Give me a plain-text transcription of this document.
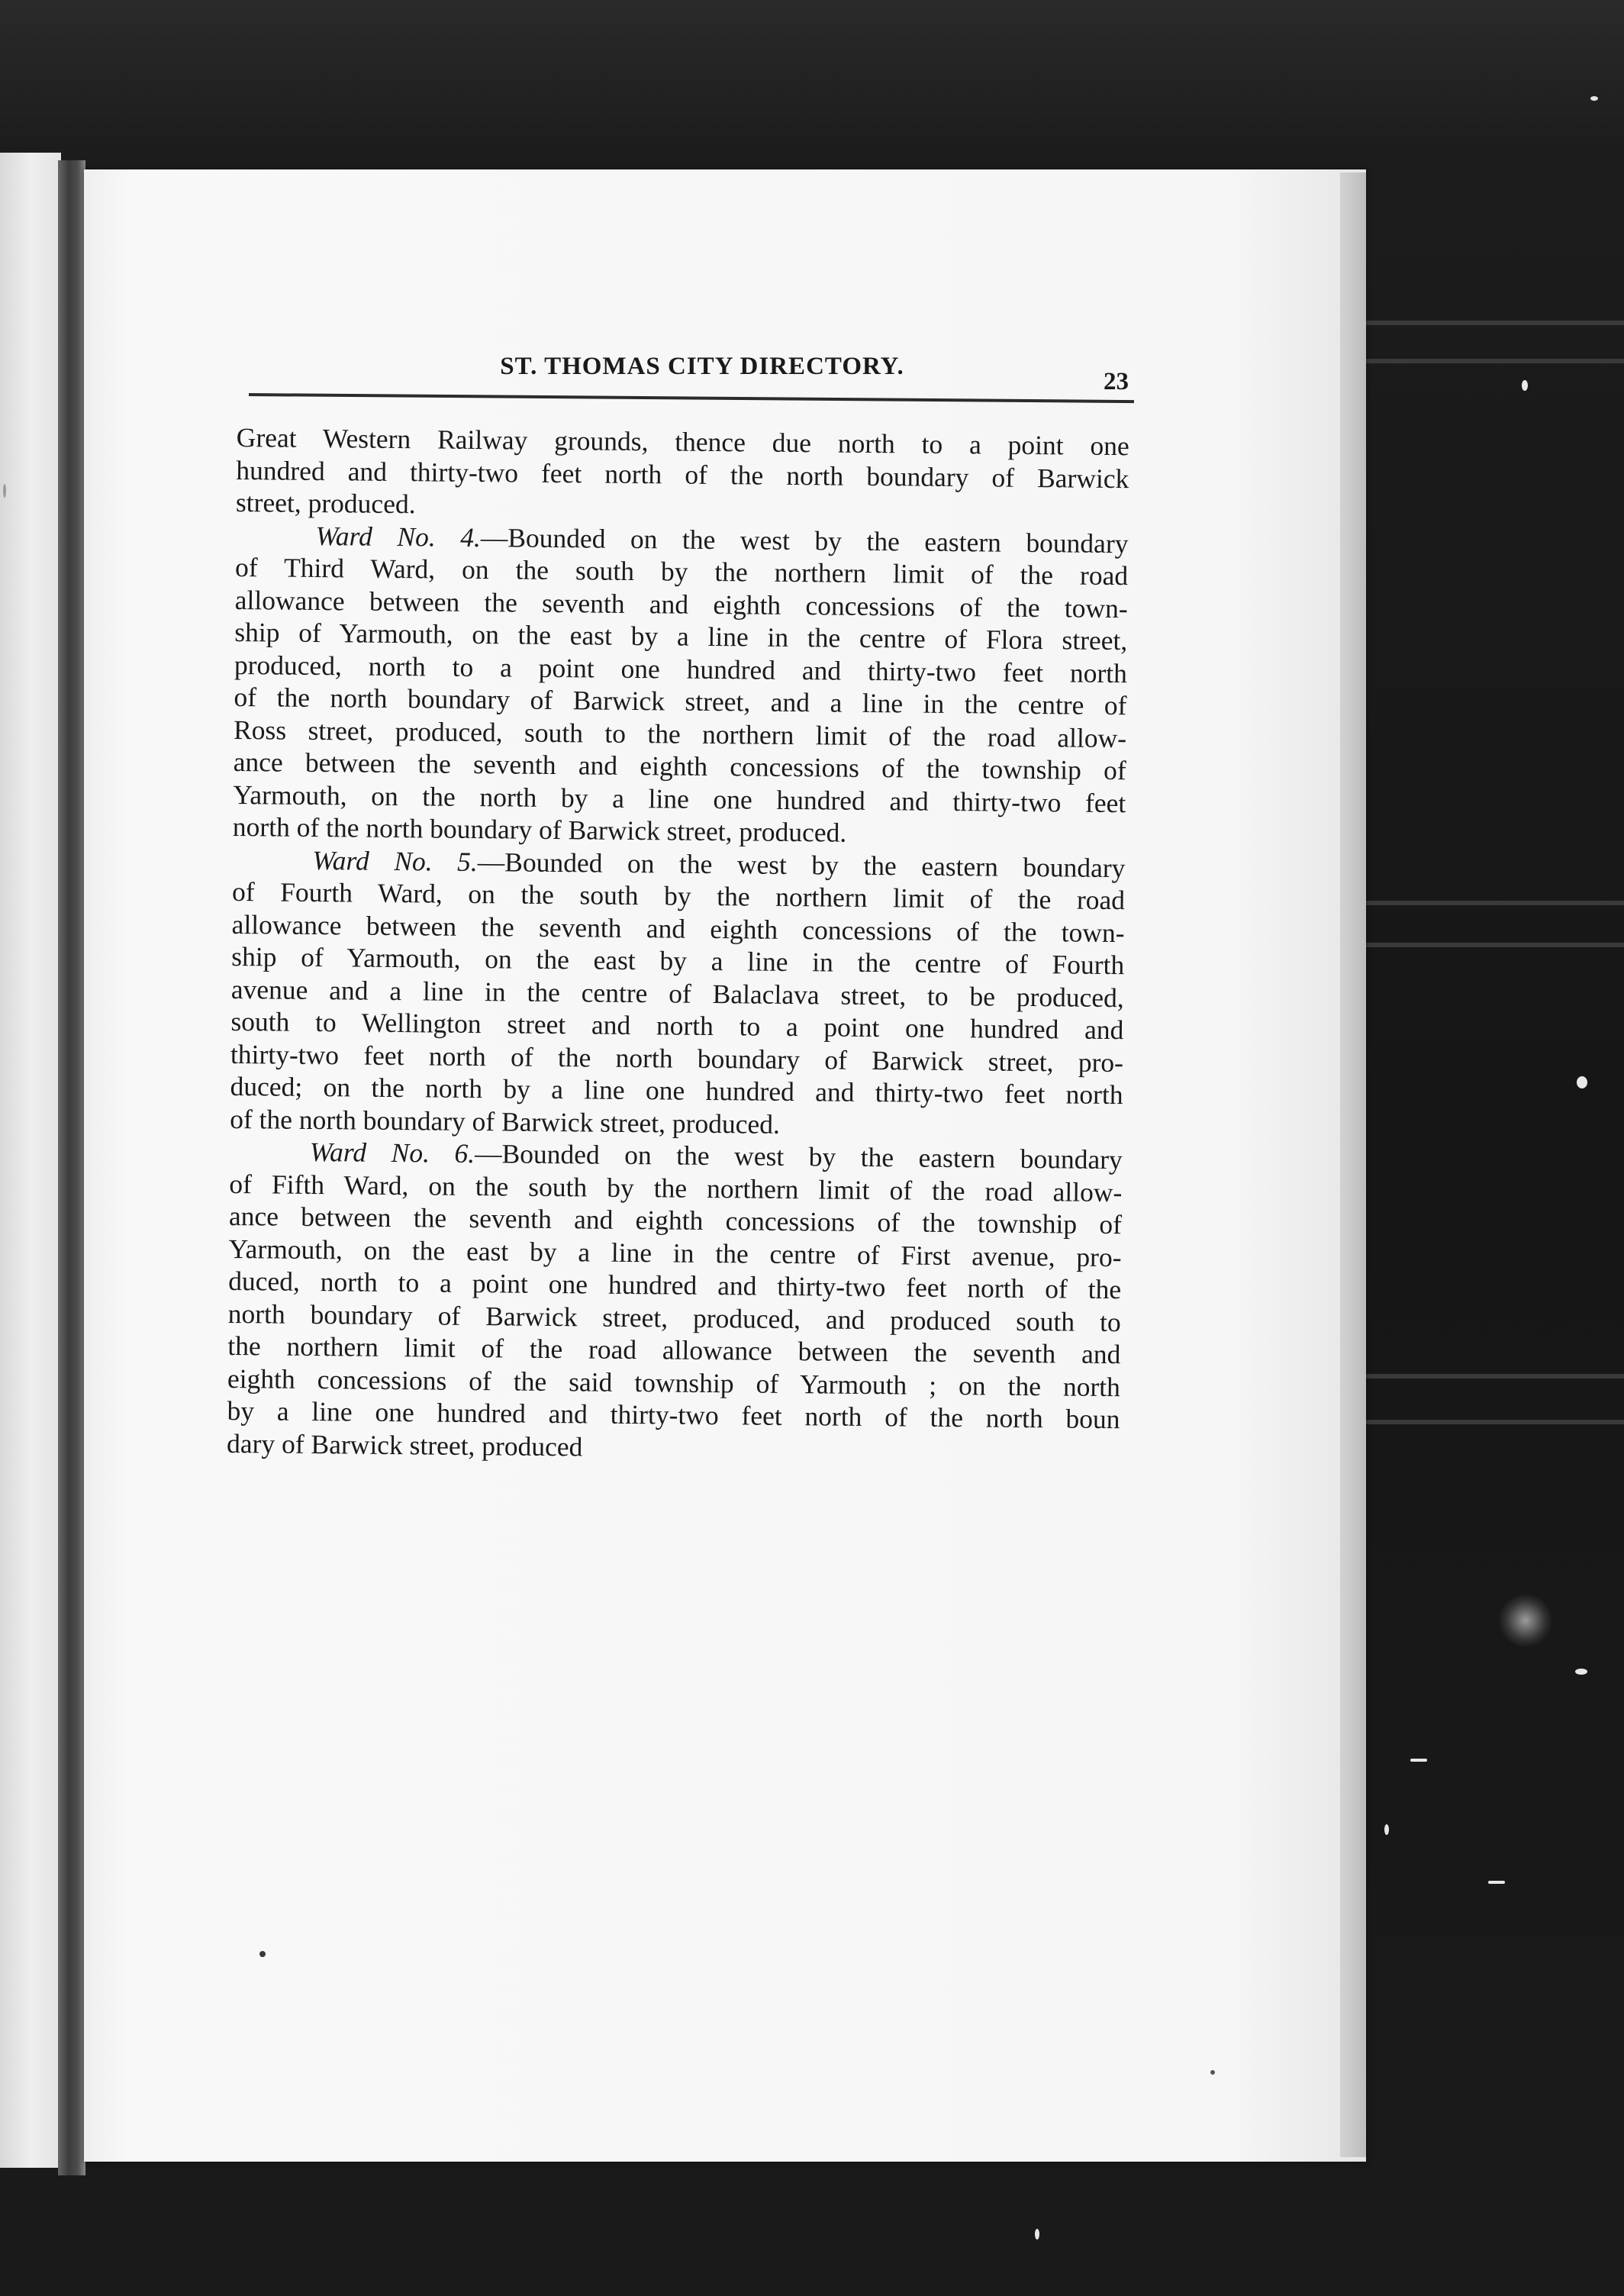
ST. THOMAS CITY DIRECTORY.
23
Great Western Railway grounds, thence due north to a point one
hundred and thirty-two feet north of the north boundary of Barwick
street, produced.
Ward No. 4.—Bounded on the west by the eastern boundary
of Third Ward, on the south by the northern limit of the road
allowance between the seventh and eighth concessions of the town-
ship of Yarmouth, on the east by a line in the centre of Flora street,
produced, north to a point one hundred and thirty-two feet north
of the north boundary of Barwick street, and a line in the centre of
Ross street, produced, south to the northern limit of the road allow-
ance between the seventh and eighth concessions of the township of
Yarmouth, on the north by a line one hundred and thirty-two feet
north of the north boundary of Barwick street, produced.
Ward No. 5.—Bounded on the west by the eastern boundary
of Fourth Ward, on the south by the northern limit of the road
allowance between the seventh and eighth concessions of the town-
ship of Yarmouth, on the east by a line in the centre of Fourth
avenue and a line in the centre of Balaclava street, to be produced,
south to Wellington street and north to a point one hundred and
thirty-two feet north of the north boundary of Barwick street, pro-
duced; on the north by a line one hundred and thirty-two feet north
of the north boundary of Barwick street, produced.
Ward No. 6.—Bounded on the west by the eastern boundary
of Fifth Ward, on the south by the northern limit of the road allow-
ance between the seventh and eighth concessions of the township of
Yarmouth, on the east by a line in the centre of First avenue, pro-
duced, north to a point one hundred and thirty-two feet north of the
north boundary of Barwick street, produced, and produced south to
the northern limit of the road allowance between the seventh and
eighth concessions of the said township of Yarmouth ; on the north
by a line one hundred and thirty-two feet north of the north boun
dary of Barwick street, produced
